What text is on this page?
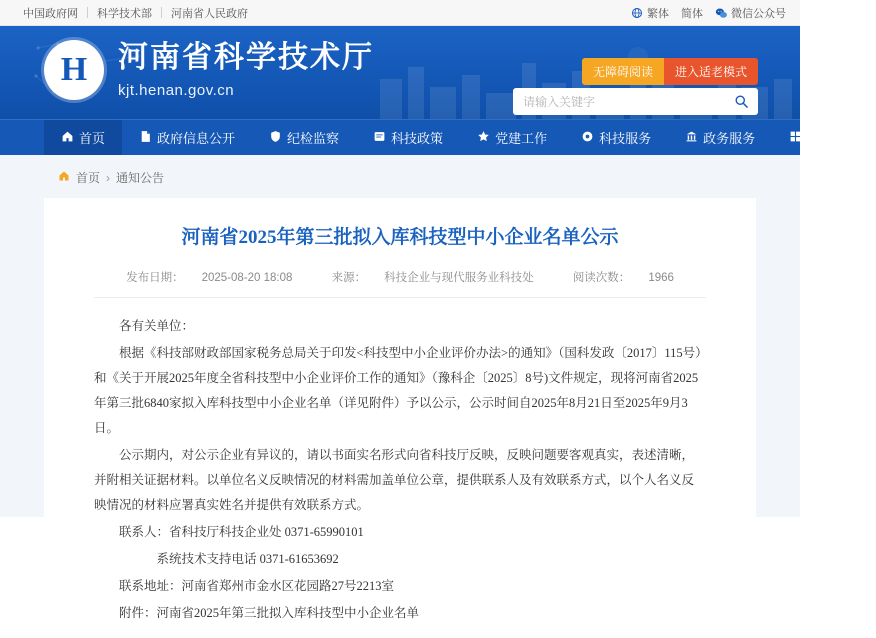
中国政府网	科学技术部	河南省人民政府	繁体 简体	微信公众号
H 河南省科学技术厅
kjt.henan.gov.cn
无障碍阅读	进入适老模式
请输入关键字
首页	政府信息公开	纪检监察	科技政策	党建工作	科技服务	政务服务	科技专题
首页 › 通知公告
河南省2025年第三批拟入库科技型中小企业名单公示
发布日期： 2025-08-20 18:08	来源： 科技企业与现代服务业科技处	阅读次数： 1966

各有关单位：

根据《科技部财政部国家税务总局关于印发<科技型中小企业评价办法>的通知》（国科发政〔2017〕115号）和《关于开展2025年度全省科技型中小企业评价工作的通知》（豫科企〔2025〕8号)文件规定，现将河南省2025年第三批6840家拟入库科技型中小企业名单（详见附件）予以公示，公示时间自2025年8月21日至2025年9月3日。

公示期内，对公示企业有异议的，请以书面实名形式向省科技厅反映，反映问题要客观真实，表述清晰，并附相关证据材料。以单位名义反映情况的材料需加盖单位公章，提供联系人及有效联系方式，以个人名义反映情况的材料应署真实姓名并提供有效联系方式。

联系人：省科技厅科技企业处 0371-65990101

系统技术支持电话 0371-61653692

联系地址：河南省郑州市金水区花园路27号2213室

附件：河南省2025年第三批拟入库科技型中小企业名单
